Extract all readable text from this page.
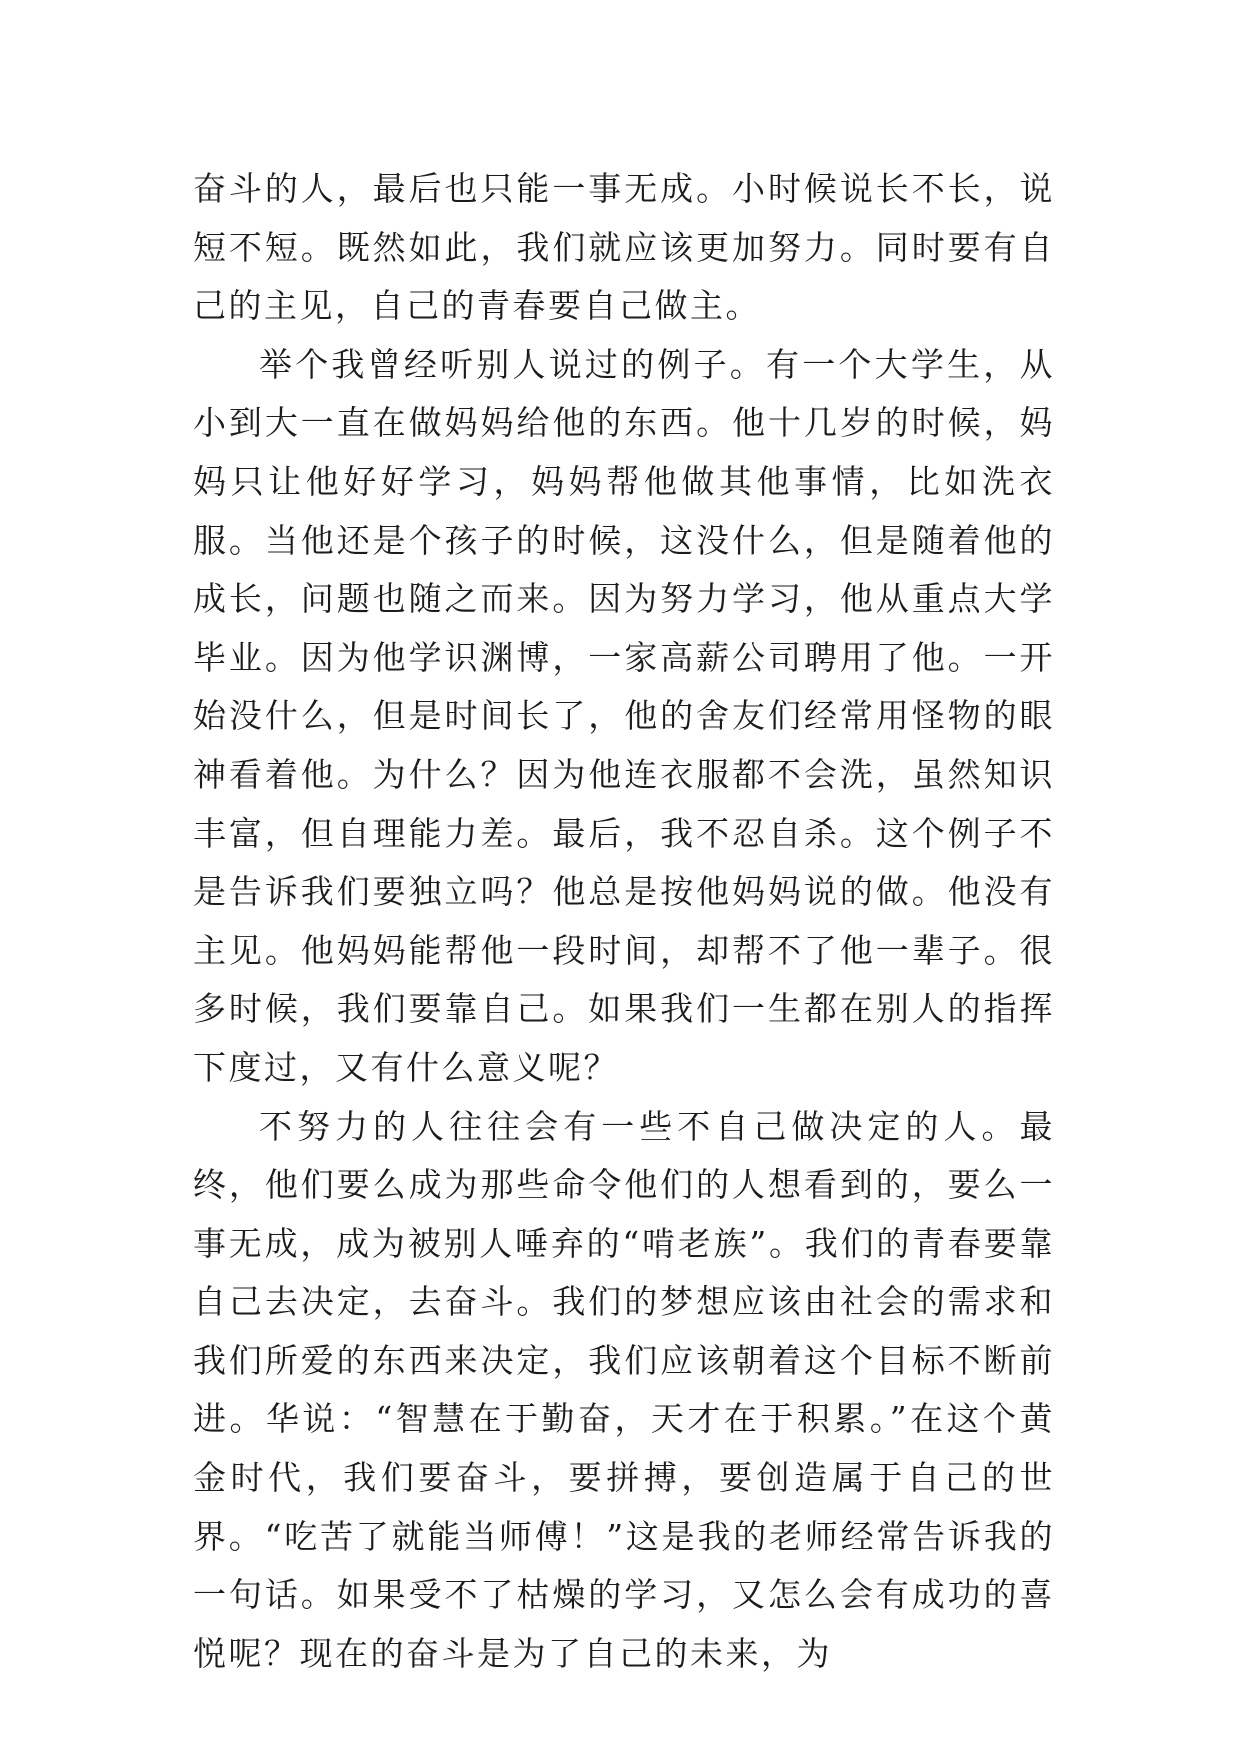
奋斗的人，最后也只能一事无成。小时候说长不长，说短不短。既然如此，我们就应该更加努力。同时要有自己的主见，自己的青春要自己做主。

举个我曾经听别人说过的例子。有一个大学生，从小到大一直在做妈妈给他的东西。他十几岁的时候，妈妈只让他好好学习，妈妈帮他做其他事情，比如洗衣服。当他还是个孩子的时候，这没什么，但是随着他的成长，问题也随之而来。因为努力学习，他从重点大学毕业。因为他学识渊博，一家高薪公司聘用了他。一开始没什么，但是时间长了，他的舍友们经常用怪物的眼神看着他。为什么？因为他连衣服都不会洗，虽然知识丰富，但自理能力差。最后，我不忍自杀。这个例子不是告诉我们要独立吗？他总是按他妈妈说的做。他没有主见。他妈妈能帮他一段时间，却帮不了他一辈子。很多时候，我们要靠自己。如果我们一生都在别人的指挥下度过，又有什么意义呢？

不努力的人往往会有一些不自己做决定的人。最终，他们要么成为那些命令他们的人想看到的，要么一事无成，成为被别人唾弃的“啃老族”。我们的青春要靠自己去决定，去奋斗。我们的梦想应该由社会的需求和我们所爱的东西来决定，我们应该朝着这个目标不断前进。华说：“智慧在于勤奋，天才在于积累。”在这个黄金时代，我们要奋斗，要拼搏，要创造属于自己的世界。“吃苦了就能当师傅！”这是我的老师经常告诉我的一句话。如果受不了枯燥的学习，又怎么会有成功的喜悦呢？现在的奋斗是为了自己的未来，为
